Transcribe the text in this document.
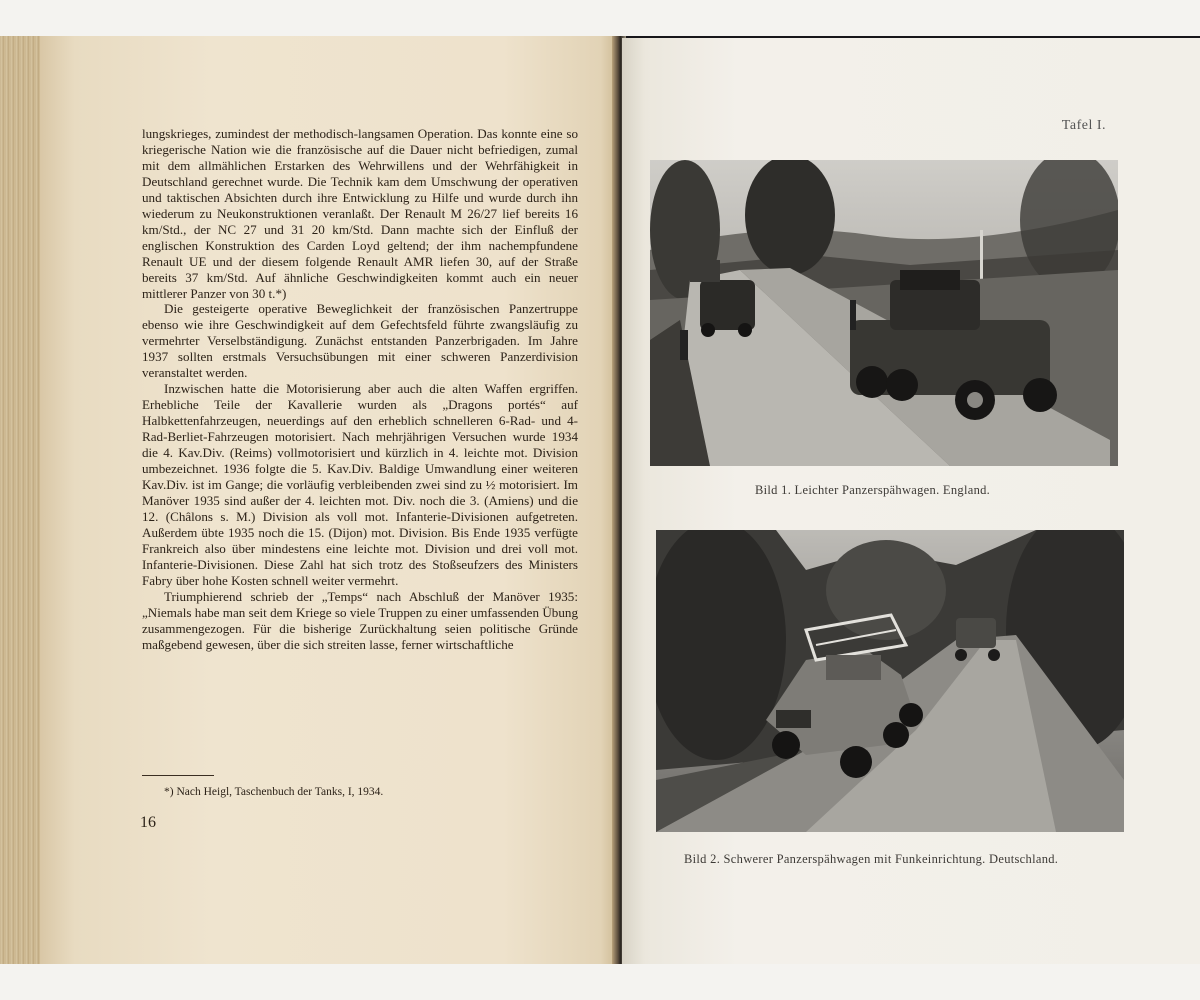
lungskrieges, zumindest der methodisch-langsamen Operation. Das konnte eine so kriegerische Nation wie die französische auf die Dauer nicht befriedigen, zumal mit dem allmählichen Erstarken des Wehrwillens und der Wehrfähigkeit in Deutschland gerechnet wurde. Die Technik kam dem Umschwung der operativen und taktischen Absichten durch ihre Entwicklung zu Hilfe und wurde durch ihn wiederum zu Neukonstruktionen veranlaßt. Der Renault M 26/27 lief bereits 16 km/Std., der NC 27 und 31 20 km/Std. Dann machte sich der Einfluß der englischen Konstruktion des Carden Loyd geltend; der ihm nachempfundene Renault UE und der diesem folgende Renault AMR liefen 30, auf der Straße bereits 37 km/Std. Auf ähnliche Geschwindigkeiten kommt auch ein neuer mittlerer Panzer von 30 t.*)

Die gesteigerte operative Beweglichkeit der französischen Panzertruppe ebenso wie ihre Geschwindigkeit auf dem Gefechtsfeld führte zwangsläufig zu vermehrter Verselbständigung. Zunächst entstanden Panzerbrigaden. Im Jahre 1937 sollten erstmals Versuchsübungen mit einer schweren Panzerdivision veranstaltet werden.

Inzwischen hatte die Motorisierung aber auch die alten Waffen ergriffen. Erhebliche Teile der Kavallerie wurden als „Dragons portés“ auf Halbkettenfahrzeugen, neuerdings auf den erheblich schnelleren 6-Rad- und 4-Rad-Berliet-Fahrzeugen motorisiert. Nach mehrjährigen Versuchen wurde 1934 die 4. Kav.Div. (Reims) vollmotorisiert und kürzlich in 4. leichte mot. Division umbezeichnet. 1936 folgte die 5. Kav.Div. Baldige Umwandlung einer weiteren Kav.Div. ist im Gange; die vorläufig verbleibenden zwei sind zu ½ motorisiert. Im Manöver 1935 sind außer der 4. leichten mot. Div. noch die 3. (Amiens) und die 12. (Châlons s. M.) Division als voll mot. Infanterie-Divisionen aufgetreten. Außerdem übte 1935 noch die 15. (Dijon) mot. Division. Bis Ende 1935 verfügte Frankreich also über mindestens eine leichte mot. Division und drei voll mot. Infanterie-Divisionen. Diese Zahl hat sich trotz des Stoßseufzers des Ministers Fabry über hohe Kosten schnell weiter vermehrt.

Triumphierend schrieb der „Temps“ nach Abschluß der Manöver 1935: „Niemals habe man seit dem Kriege so viele Truppen zu einer umfassenden Übung zusammengezogen. Für die bisherige Zurückhaltung seien politische Gründe maßgebend gewesen, über die sich streiten lasse, ferner wirtschaftliche

*) Nach Heigl, Taschenbuch der Tanks, I, 1934.
16
Tafel I.
Bild 1. Leichter Panzerspähwagen. England.
Bild 2. Schwerer Panzerspähwagen mit Funkeinrichtung. Deutschland.
